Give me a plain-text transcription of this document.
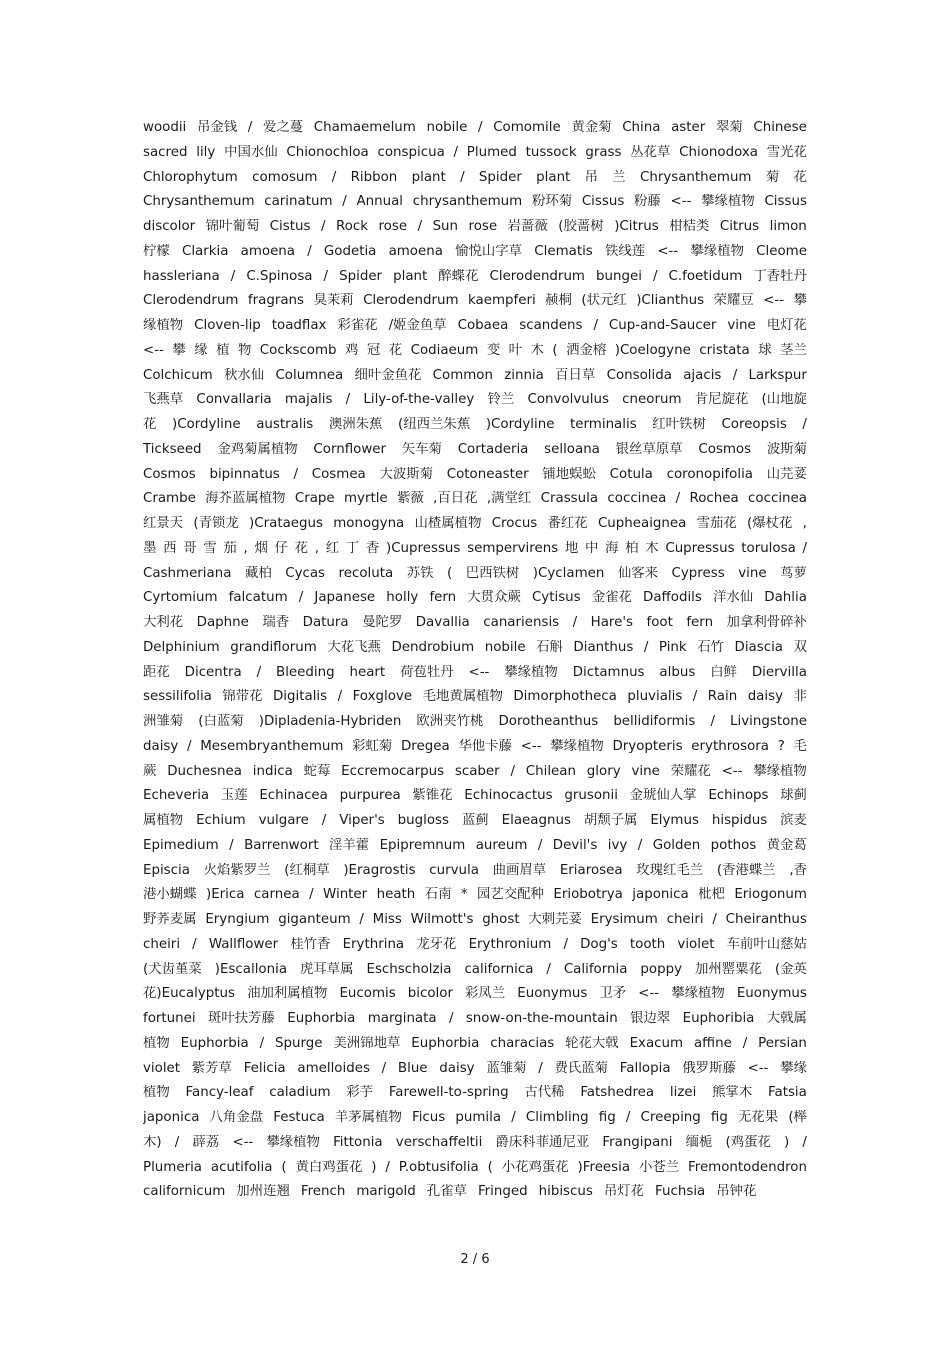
woodii 吊金钱 / 爱之蔓 Chamaemelum nobile / Comomile 黄金菊 China aster 翠菊 Chinese
sacred lily 中国水仙 Chionochloa conspicua / Plumed tussock grass 丛花草 Chionodoxa 雪光花
Chlorophytum comosum / Ribbon plant / Spider plant 吊 兰 Chrysanthemum 菊 花
Chrysanthemum carinatum / Annual chrysanthemum 粉环菊 Cissus 粉藤 <-- 攀缘植物 Cissus
discolor 锦叶葡萄 Cistus / Rock rose / Sun rose 岩蔷薇 (胶蔷树 )Citrus 柑桔类 Citrus limon
柠檬 Clarkia amoena / Godetia amoena 愉悦山字草 Clematis 铁线莲 <-- 攀缘植物 Cleome
hassleriana / C.Spinosa / Spider plant 醉蝶花 Clerodendrum bungei / C.foetidum 丁香牡丹
Clerodendrum fragrans 臭茉莉 Clerodendrum kaempferi 赪桐 (状元红 )Clianthus 荣耀豆 <-- 攀
缘植物 Cloven-lip toadflax 彩雀花 /姬金鱼草 Cobaea scandens / Cup-and-Saucer vine 电灯花
<-- 攀 缘 植 物 Cockscomb 鸡 冠 花 Codiaeum 变 叶 木 ( 洒金榕 )Coelogyne cristata 球 茎兰
Colchicum 秋水仙 Columnea 细叶金鱼花 Common zinnia 百日草 Consolida ajacis / Larkspur
飞燕草 Convallaria majalis / Lily-of-the-valley 铃兰 Convolvulus cneorum 肯尼旋花 (山地旋
花 )Cordyline australis 澳洲朱蕉 (纽西兰朱蕉 )Cordyline terminalis 红叶铁树 Coreopsis /
Tickseed 金鸡菊属植物 Cornflower 矢车菊 Cortaderia selloana 银丝草原草 Cosmos 波斯菊
Cosmos bipinnatus / Cosmea 大波斯菊 Cotoneaster 铺地蜈蚣 Cotula coronopifolia 山芫荽
Crambe 海芥蓝属植物 Crape myrtle 紫薇 ,百日花 ,满堂红 Crassula coccinea / Rochea coccinea
红景天 (青锁龙 )Crataegus monogyna 山楂属植物 Crocus 番红花 Cupheaignea 雪茄花 (爆杖花 ,
墨 西 哥 雪 茄 , 烟 仔 花 , 红 丁 香 )Cupressus sempervirens 地 中 海 柏 木 Cupressus torulosa /
Cashmeriana 藏柏 Cycas recoluta 苏铁 ( 巴西铁树 )Cyclamen 仙客来 Cypress vine 茑萝
Cyrtomium falcatum / Japanese holly fern 大贯众蕨 Cytisus 金雀花 Daffodils 洋水仙 Dahlia
大利花 Daphne 瑞香 Datura 曼陀罗 Davallia canariensis / Hare's foot fern 加拿利骨碎补
Delphinium grandiflorum 大花飞燕 Dendrobium nobile 石斛 Dianthus / Pink 石竹 Diascia 双
距花 Dicentra / Bleeding heart 荷苞牡丹 <-- 攀缘植物 Dictamnus albus 白鲜 Diervilla
sessilifolia 锦带花 Digitalis / Foxglove 毛地黄属植物 Dimorphotheca pluvialis / Rain daisy 非
洲雏菊 (白蓝菊 )Dipladenia-Hybriden 欧洲夹竹桃 Dorotheanthus bellidiformis / Livingstone
daisy / Mesembryanthemum 彩虹菊 Dregea 华他卡藤 <-- 攀缘植物 Dryopteris erythrosora ? 毛
蕨 Duchesnea indica 蛇莓 Eccremocarpus scaber / Chilean glory vine 荣耀花 <-- 攀缘植物
Echeveria 玉莲 Echinacea purpurea 紫锥花 Echinocactus grusonii 金琥仙人掌 Echinops 球蓟
属植物 Echium vulgare / Viper's bugloss 蓝蓟 Elaeagnus 胡颓子属 Elymus hispidus 滨麦
Epimedium / Barrenwort 淫羊藿 Epipremnum aureum / Devil's ivy / Golden pothos 黄金葛
Episcia 火焰紫罗兰 (红桐草 )Eragrostis curvula 曲画眉草 Eriarosea 玫瑰红毛兰 (香港蝶兰 ,香
港小蝴蝶 )Erica carnea / Winter heath 石南 * 园艺交配种 Eriobotrya japonica 枇杷 Eriogonum
野荞麦属 Eryngium giganteum / Miss Wilmott's ghost 大刺芫荽 Erysimum cheiri / Cheiranthus
cheiri / Wallflower 桂竹香 Erythrina 龙牙花 Erythronium / Dog's tooth violet 车前叶山慈姑
(犬齿堇菜 )Escallonia 虎耳草属 Eschscholzia californica / California poppy 加州罂粟花 (金英
花)Eucalyptus 油加利属植物 Eucomis bicolor 彩凤兰 Euonymus 卫矛 <-- 攀缘植物 Euonymus
fortunei 斑叶扶芳藤 Euphorbia marginata / snow-on-the-mountain 银边翠 Euphoribia 大戟属
植物 Euphorbia / Spurge 美洲锦地草 Euphorbia characias 轮花大戟 Exacum affine / Persian
violet 紫芳草 Felicia amelloides / Blue daisy 蓝雏菊 / 费氏蓝菊 Fallopia 俄罗斯藤 <-- 攀缘
植物 Fancy-leaf caladium 彩芋 Farewell-to-spring 古代稀 Fatshedrea lizei 熊掌木 Fatsia
japonica 八角金盘 Festuca 羊茅属植物 Ficus pumila / Climbling fig / Creeping fig 无花果 (榉
木) / 薜荔 <-- 攀缘植物 Fittonia verschaffeltii 爵床科菲通尼亚 Frangipani 缅栀 (鸡蛋花 ) /
Plumeria acutifolia ( 黄白鸡蛋花 ) / P.obtusifolia ( 小花鸡蛋花 )Freesia 小苍兰 Fremontodendron
californicum 加州连翘 French marigold 孔雀草 Fringed hibiscus 吊灯花 Fuchsia 吊钟花
2 / 6
